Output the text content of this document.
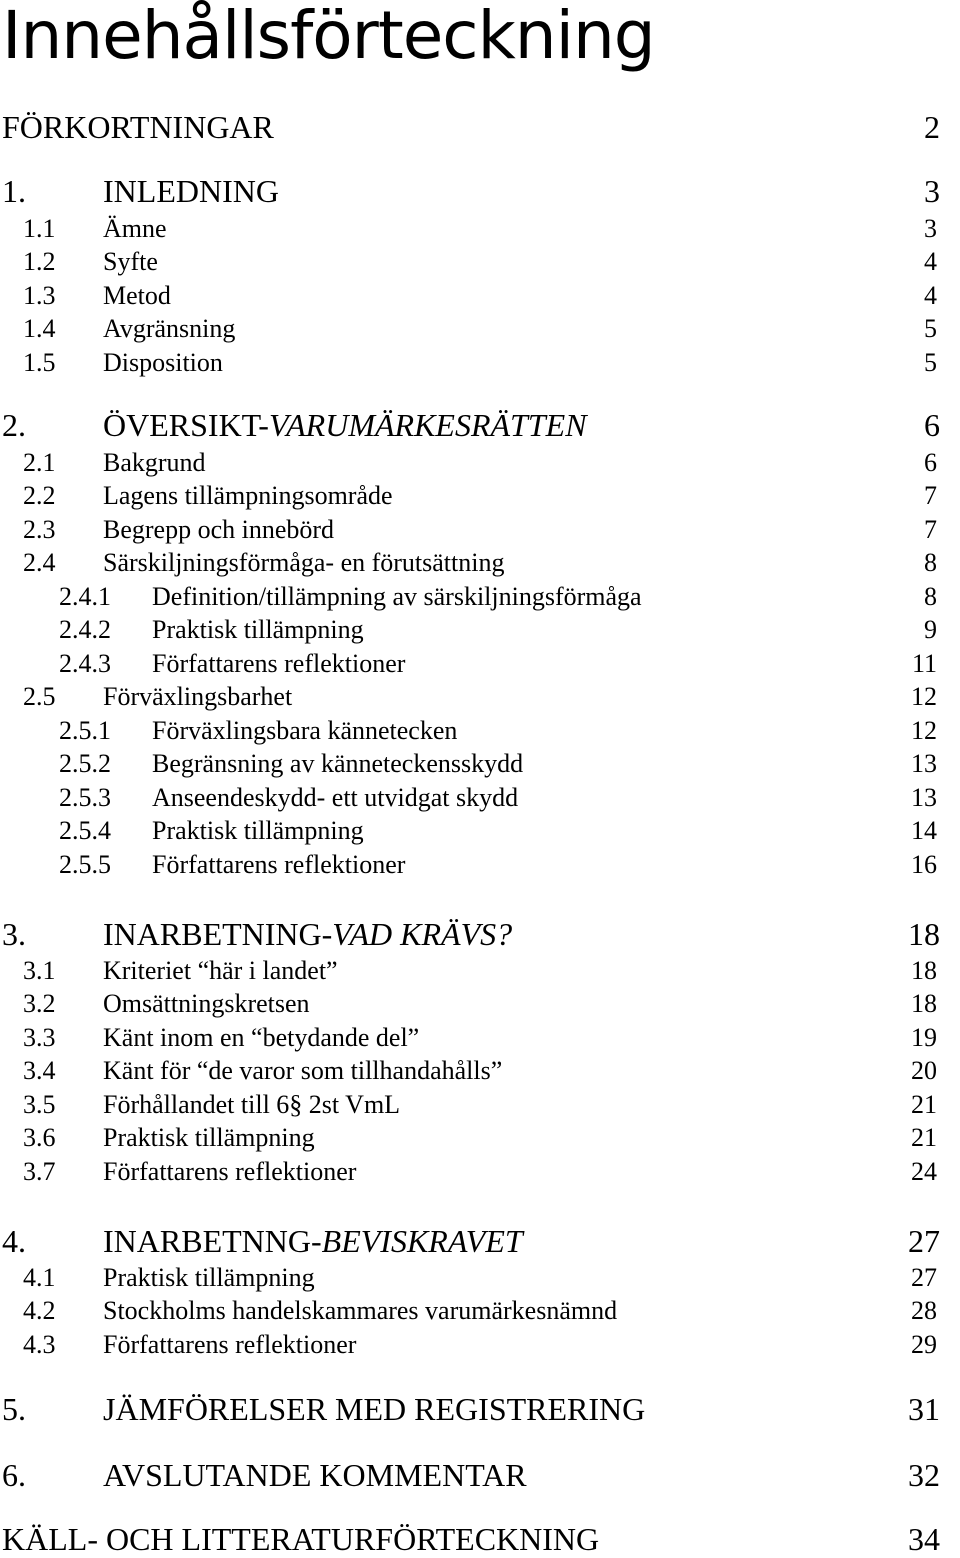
Innehållsförteckning
FÖRKORTNINGAR	2
1. INLEDNING	3
1.1 Ämne	3
1.2 Syfte	4
1.3 Metod	4
1.4 Avgränsning	5
1.5 Disposition	5
2. ÖVERSIKT-VARUMÄRKESRÄTTEN	6
2.1 Bakgrund	6
2.2 Lagens tillämpningsområde	7
2.3 Begrepp och innebörd	7
2.4 Särskiljningsförmåga- en förutsättning	8
2.4.1 Definition/tillämpning av särskiljningsförmåga	8
2.4.2 Praktisk tillämpning	9
2.4.3 Författarens reflektioner	11
2.5 Förväxlingsbarhet	12
2.5.1 Förväxlingsbara kännetecken	12
2.5.2 Begränsning av känneteckensskydd	13
2.5.3 Anseendeskydd- ett utvidgat skydd	13
2.5.4 Praktisk tillämpning	14
2.5.5 Författarens reflektioner	16
3. INARBETNING-VAD KRÄVS?	18
3.1 Kriteriet “här i landet”	18
3.2 Omsättningskretsen	18
3.3 Känt inom en “betydande del”	19
3.4 Känt för “de varor som tillhandahålls”	20
3.5 Förhållandet till 6§ 2st VmL	21
3.6 Praktisk tillämpning	21
3.7 Författarens reflektioner	24
4. INARBETNNG-BEVISKRAVET	27
4.1 Praktisk tillämpning	27
4.2 Stockholms handelskammares varumärkesnämnd	28
4.3 Författarens reflektioner	29
5. JÄMFÖRELSER MED REGISTRERING	31
6. AVSLUTANDE KOMMENTAR	32
KÄLL- OCH LITTERATURFÖRTECKNING	34
